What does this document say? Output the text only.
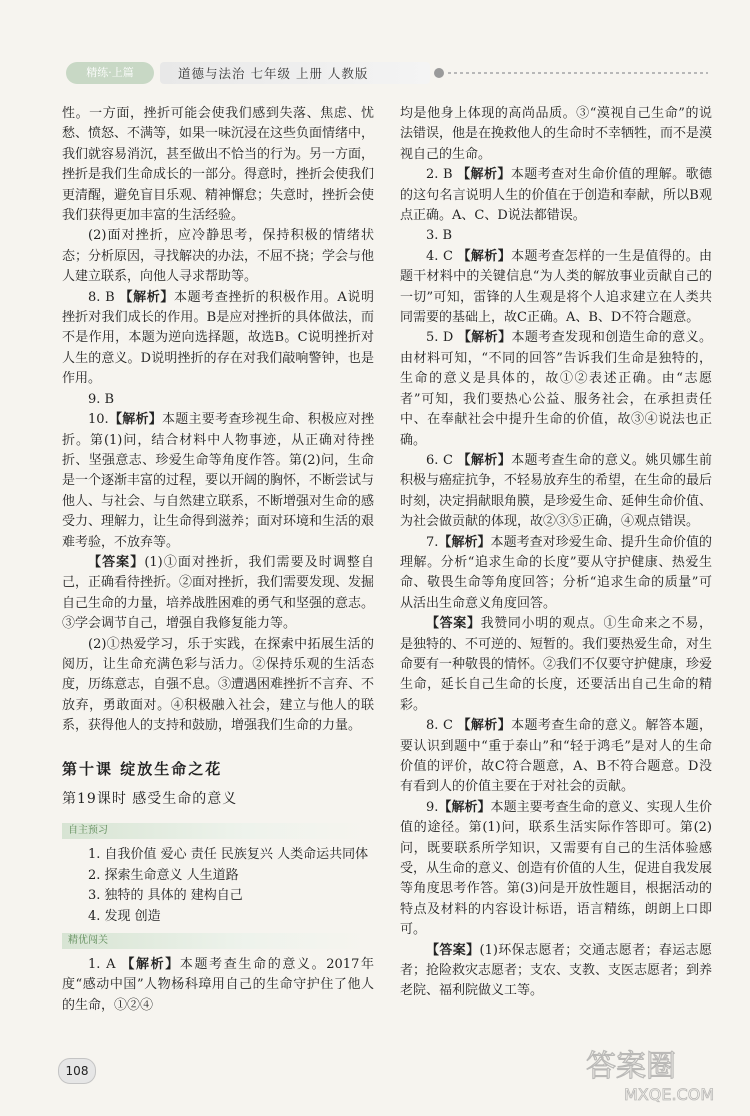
精练·上篇	道德与法治 七年级 上册 人教版

性。一方面，挫折可能会使我们感到失落、焦虑、忧愁、愤怒、不满等，如果一味沉浸在这些负面情绪中，我们就容易消沉，甚至做出不恰当的行为。另一方面，挫折是我们生命成长的一部分。得意时，挫折会使我们更清醒，避免盲目乐观、精神懈怠；失意时，挫折会使我们获得更加丰富的生活经验。

(2)面对挫折，应冷静思考，保持积极的情绪状态；分析原因，寻找解决的办法，不屈不挠；学会与他人建立联系，向他人寻求帮助等。

8. B 【解析】本题考查挫折的积极作用。A说明挫折对我们成长的作用。B是应对挫折的具体做法，而不是作用，本题为逆向选择题，故选B。C说明挫折对人生的意义。D说明挫折的存在对我们敲响警钟，也是作用。

9. B

10.【解析】本题主要考查珍视生命、积极应对挫折。第(1)问，结合材料中人物事迹，从正确对待挫折、坚强意志、珍爱生命等角度作答。第(2)问，生命是一个逐渐丰富的过程，要以开阔的胸怀，不断尝试与他人、与社会、与自然建立联系，不断增强对生命的感受力、理解力，让生命得到滋养；面对环境和生活的艰难考验，不放弃等。

【答案】(1)①面对挫折，我们需要及时调整自己，正确看待挫折。②面对挫折，我们需要发现、发掘自己生命的力量，培养战胜困难的勇气和坚强的意志。③学会调节自己，增强自我修复能力等。

(2)①热爱学习，乐于实践，在探索中拓展生活的阅历，让生命充满色彩与活力。②保持乐观的生活态度，历练意志，自强不息。③遭遇困难挫折不言弃、不放弃，勇敢面对。④积极融入社会，建立与他人的联系，获得他人的支持和鼓励，增强我们生命的力量。

第十课 绽放生命之花

第19课时 感受生命的意义

自主预习

1. 自我价值 爱心 责任 民族复兴 人类命运共同体

2. 探索生命意义 人生道路

3. 独特的 具体的 建构自己

4. 发现 创造

精优闯关

1. A 【解析】本题考查生命的意义。2017年度“感动中国”人物杨科璋用自己的生命守护住了他人的生命，①②④

均是他身上体现的高尚品质。③“漠视自己生命”的说法错误，他是在挽救他人的生命时不幸牺牲，而不是漠视自己的生命。

2. B 【解析】本题考查对生命价值的理解。歌德的这句名言说明人生的价值在于创造和奉献，所以B观点正确。A、C、D说法都错误。

3. B

4. C 【解析】本题考查怎样的一生是值得的。由题干材料中的关键信息“为人类的解放事业贡献自己的一切”可知，雷锋的人生观是将个人追求建立在人类共同需要的基础上，故C正确。A、B、D不符合题意。

5. D 【解析】本题考查发现和创造生命的意义。由材料可知，“不同的回答”告诉我们生命是独特的，生命的意义是具体的，故①②表述正确。由“志愿者”可知，我们要热心公益、服务社会，在承担责任中、在奉献社会中提升生命的价值，故③④说法也正确。

6. C 【解析】本题考查生命的意义。姚贝娜生前积极与癌症抗争，不轻易放弃生的希望，在生命的最后时刻，决定捐献眼角膜，是珍爱生命、延伸生命价值、为社会做贡献的体现，故②③⑤正确，④观点错误。

7.【解析】本题考查对珍爱生命、提升生命价值的理解。分析“追求生命的长度”要从守护健康、热爱生命、敬畏生命等角度回答；分析“追求生命的质量”可从活出生命意义角度回答。

【答案】我赞同小明的观点。①生命来之不易，是独特的、不可逆的、短暂的。我们要热爱生命，对生命要有一种敬畏的情怀。②我们不仅要守护健康，珍爱生命，延长自己生命的长度，还要活出自己生命的精彩。

8. C 【解析】本题考查生命的意义。解答本题，要认识到题中“重于泰山”和“轻于鸿毛”是对人的生命价值的评价，故C符合题意，A、B不符合题意。D没有看到人的价值主要在于对社会的贡献。

9.【解析】本题主要考查生命的意义、实现人生价值的途径。第(1)问，联系生活实际作答即可。第(2)问，既要联系所学知识，又需要有自己的生活体验感受，从生命的意义、创造有价值的人生，促进自我发展等角度思考作答。第(3)问是开放性题目，根据活动的特点及材料的内容设计标语，语言精练，朗朗上口即可。

【答案】(1)环保志愿者；交通志愿者；春运志愿者；抢险救灾志愿者；支农、支教、支医志愿者；到养老院、福利院做义工等。

108	答案圈
MXQE.COM
